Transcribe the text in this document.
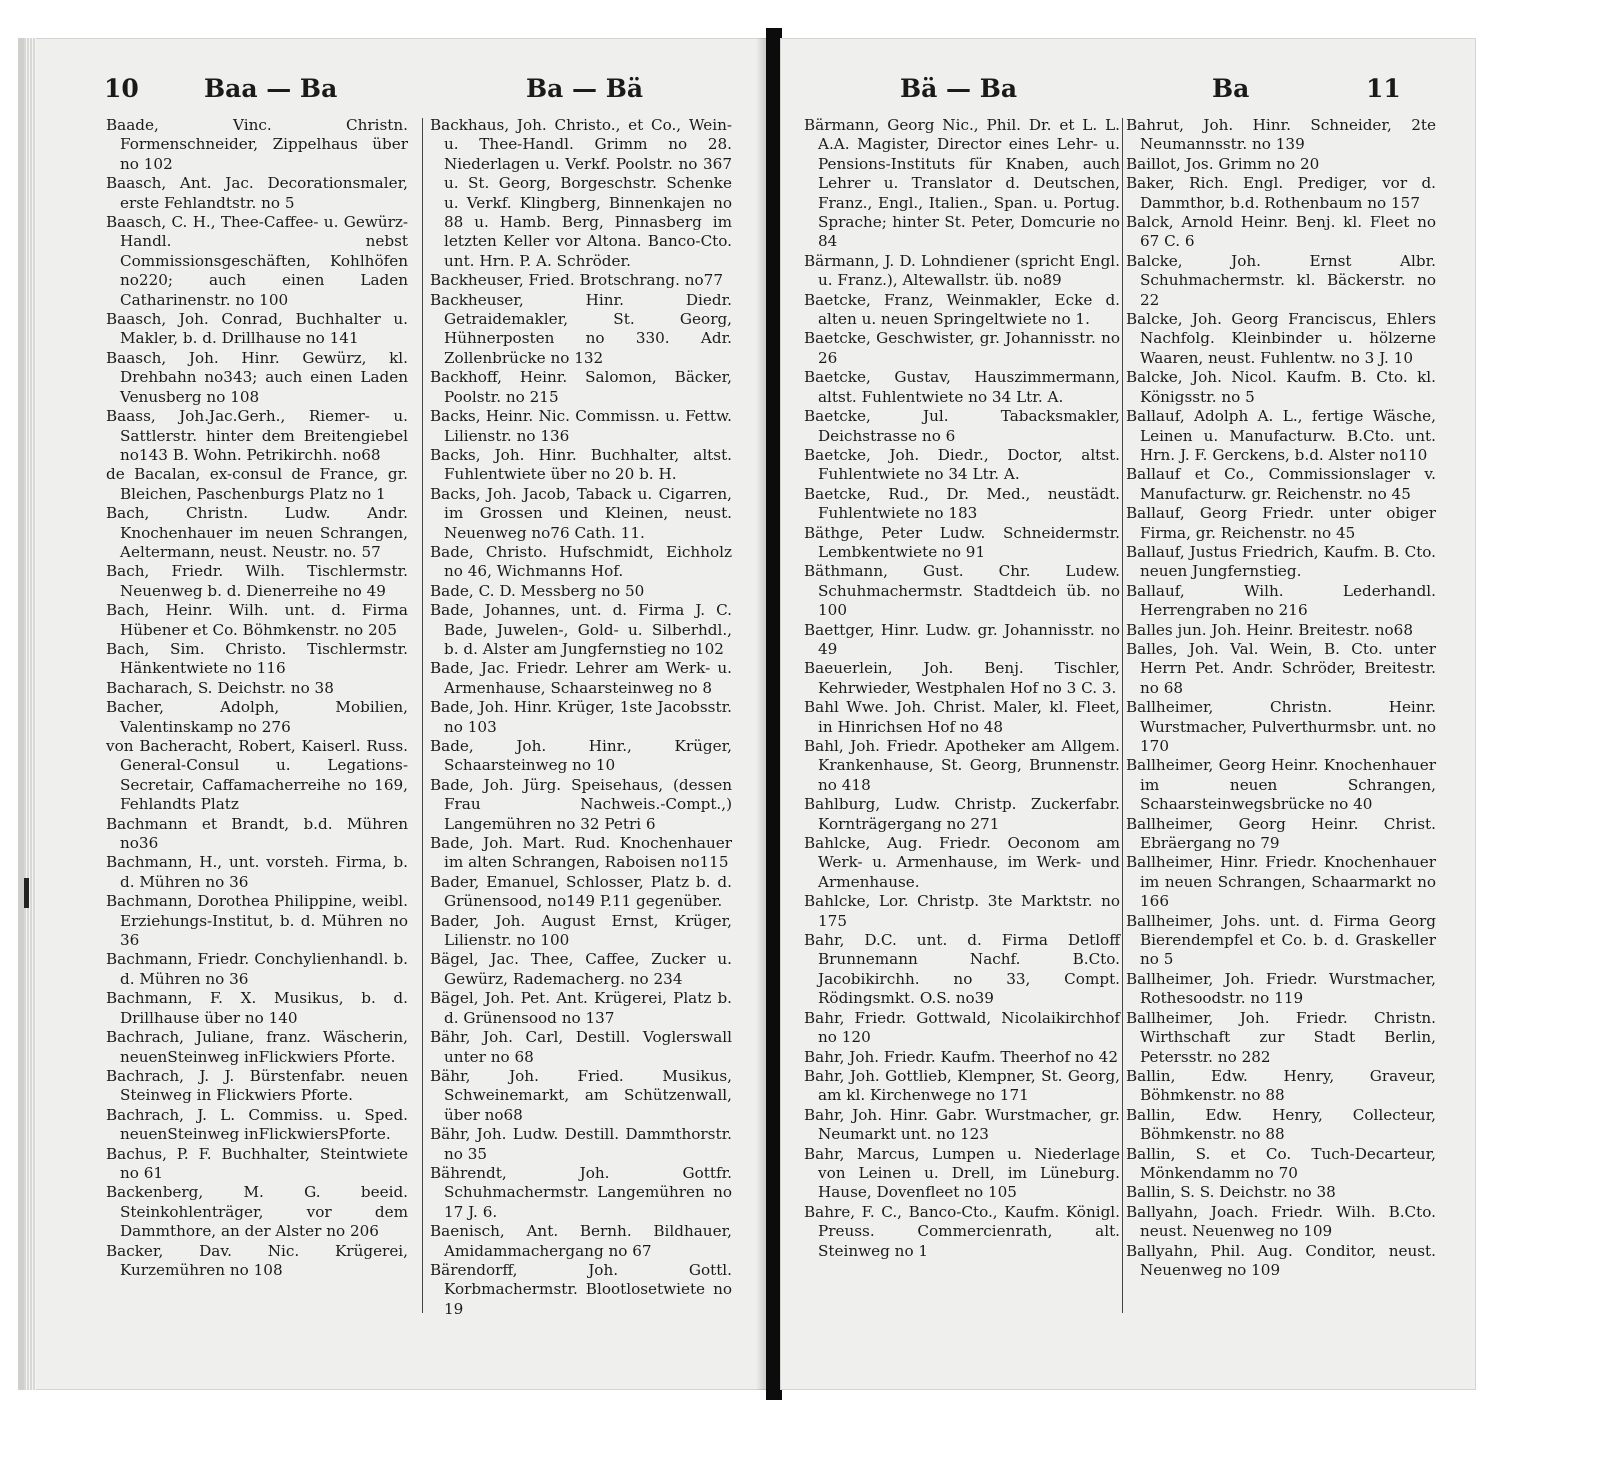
10	Baa — Ba	Ba — Bä

Baade, Vinc. Christn. Formenschneider, Zippelhaus über no 102

Baasch, Ant. Jac. Decorationsmaler, erste Fehlandtstr. no 5

Baasch, C. H., Thee-Caffee- u. Gewürz-Handl. nebst Commissionsgeschäften, Kohlhöfen no220; auch einen Laden Catharinenstr. no 100

Baasch, Joh. Conrad, Buchhalter u. Makler, b. d. Drillhause no 141

Baasch, Joh. Hinr. Gewürz, kl. Drehbahn no343; auch einen Laden Venusberg no 108

Baass, Joh.Jac.Gerh., Riemer- u. Sattlerstr. hinter dem Breitengiebel no143 B. Wohn. Petrikirchh. no68

de Bacalan, ex-consul de France, gr. Bleichen, Paschenburgs Platz no 1

Bach, Christn. Ludw. Andr. Knochenhauer im neuen Schrangen, Aeltermann, neust. Neustr. no. 57

Bach, Friedr. Wilh. Tischlermstr. Neuenweg b. d. Dienerreihe no 49

Bach, Heinr. Wilh. unt. d. Firma Hübener et Co. Böhmkenstr. no 205

Bach, Sim. Christo. Tischlermstr. Hänkentwiete no 116

Bacharach, S. Deichstr. no 38

Bacher, Adolph, Mobilien, Valentinskamp no 276

von Bacheracht, Robert, Kaiserl. Russ. General-Consul u. Legations-Secretair, Caffamacherreihe no 169, Fehlandts Platz

Bachmann et Brandt, b.d. Mühren no36

Bachmann, H., unt. vorsteh. Firma, b. d. Mühren no 36

Bachmann, Dorothea Philippine, weibl. Erziehungs-Institut, b. d. Mühren no 36

Bachmann, Friedr. Conchylienhandl. b. d. Mühren no 36

Bachmann, F. X. Musikus, b. d. Drillhause über no 140

Bachrach, Juliane, franz. Wäscherin, neuenSteinweg inFlickwiers Pforte.

Bachrach, J. J. Bürstenfabr. neuen Steinweg in Flickwiers Pforte.

Bachrach, J. L. Commiss. u. Sped. neuenSteinweg inFlickwiersPforte.

Bachus, P. F. Buchhalter, Steintwiete no 61

Backenberg, M. G. beeid. Steinkohlenträger, vor dem Dammthore, an der Alster no 206

Backer, Dav. Nic. Krügerei, Kurzemühren no 108

Backhaus, Joh. Christo., et Co., Wein- u. Thee-Handl. Grimm no 28. Niederlagen u. Verkf. Poolstr. no 367 u. St. Georg, Borgeschstr. Schenke u. Verkf. Klingberg, Binnenkajen no 88 u. Hamb. Berg, Pinnasberg im letzten Keller vor Altona. Banco-Cto. unt. Hrn. P. A. Schröder.

Backheuser, Fried. Brotschrang. no77

Backheuser, Hinr. Diedr. Getraidemakler, St. Georg, Hühnerposten no 330. Adr. Zollenbrücke no 132

Backhoff, Heinr. Salomon, Bäcker, Poolstr. no 215

Backs, Heinr. Nic. Commissn. u. Fettw. Lilienstr. no 136

Backs, Joh. Hinr. Buchhalter, altst. Fuhlentwiete über no 20 b. H.

Backs, Joh. Jacob, Taback u. Cigarren, im Grossen und Kleinen, neust. Neuenweg no76 Cath. 11.

Bade, Christo. Hufschmidt, Eichholz no 46, Wichmanns Hof.

Bade, C. D. Messberg no 50

Bade, Johannes, unt. d. Firma J. C. Bade, Juwelen-, Gold- u. Silberhdl., b. d. Alster am Jungfernstieg no 102

Bade, Jac. Friedr. Lehrer am Werk- u. Armenhause, Schaarsteinweg no 8

Bade, Joh. Hinr. Krüger, 1ste Jacobsstr. no 103

Bade, Joh. Hinr., Krüger, Schaarsteinweg no 10

Bade, Joh. Jürg. Speisehaus, (dessen Frau Nachweis.-Compt.,) Langemühren no 32 Petri 6

Bade, Joh. Mart. Rud. Knochenhauer im alten Schrangen, Raboisen no115

Bader, Emanuel, Schlosser, Platz b. d. Grünensood, no149 P.11 gegenüber.

Bader, Joh. August Ernst, Krüger, Lilienstr. no 100

Bägel, Jac. Thee, Caffee, Zucker u. Gewürz, Rademacherg. no 234

Bägel, Joh. Pet. Ant. Krügerei, Platz b. d. Grünensood no 137

Bähr, Joh. Carl, Destill. Voglerswall unter no 68

Bähr, Joh. Fried. Musikus, Schweinemarkt, am Schützenwall, über no68

Bähr, Joh. Ludw. Destill. Dammthorstr. no 35

Bährendt, Joh. Gottfr. Schuhmachermstr. Langemühren no 17 J. 6.

Baenisch, Ant. Bernh. Bildhauer, Amidammachergang no 67

Bärendorff, Joh. Gottl. Korbmachermstr. Blootlosetwiete no 19

Bä — Ba	Ba	11

Bärmann, Georg Nic., Phil. Dr. et L. L. A.A. Magister, Director eines Lehr- u. Pensions-Instituts für Knaben, auch Lehrer u. Translator d. Deutschen, Franz., Engl., Italien., Span. u. Portug. Sprache; hinter St. Peter, Domcurie no 84

Bärmann, J. D. Lohndiener (spricht Engl. u. Franz.), Altewallstr. üb. no89

Baetcke, Franz, Weinmakler, Ecke d. alten u. neuen Springeltwiete no 1.

Baetcke, Geschwister, gr. Johannisstr. no 26

Baetcke, Gustav, Hauszimmermann, altst. Fuhlentwiete no 34 Ltr. A.

Baetcke, Jul. Tabacksmakler, Deichstrasse no 6

Baetcke, Joh. Diedr., Doctor, altst. Fuhlentwiete no 34 Ltr. A.

Baetcke, Rud., Dr. Med., neustädt. Fuhlentwiete no 183

Bäthge, Peter Ludw. Schneidermstr. Lembkentwiete no 91

Bäthmann, Gust. Chr. Ludew. Schuhmachermstr. Stadtdeich üb. no 100

Baettger, Hinr. Ludw. gr. Johannisstr. no 49

Baeuerlein, Joh. Benj. Tischler, Kehrwieder, Westphalen Hof no 3 C. 3.

Bahl Wwe. Joh. Christ. Maler, kl. Fleet, in Hinrichsen Hof no 48

Bahl, Joh. Friedr. Apotheker am Allgem. Krankenhause, St. Georg, Brunnenstr. no 418

Bahlburg, Ludw. Christp. Zuckerfabr. Kornträgergang no 271

Bahlcke, Aug. Friedr. Oeconom am Werk- u. Armenhause, im Werk- und Armenhause.

Bahlcke, Lor. Christp. 3te Marktstr. no 175

Bahr, D.C. unt. d. Firma Detloff Brunnemann Nachf. B.Cto. Jacobikirchh. no 33, Compt. Rödingsmkt. O.S. no39

Bahr, Friedr. Gottwald, Nicolaikirchhof no 120

Bahr, Joh. Friedr. Kaufm. Theerhof no 42

Bahr, Joh. Gottlieb, Klempner, St. Georg, am kl. Kirchenwege no 171

Bahr, Joh. Hinr. Gabr. Wurstmacher, gr. Neumarkt unt. no 123

Bahr, Marcus, Lumpen u. Niederlage von Leinen u. Drell, im Lüneburg. Hause, Dovenfleet no 105

Bahre, F. C., Banco-Cto., Kaufm. Königl. Preuss. Commercienrath, alt. Steinweg no 1

Bahrut, Joh. Hinr. Schneider, 2te Neumannsstr. no 139

Baillot, Jos. Grimm no 20

Baker, Rich. Engl. Prediger, vor d. Dammthor, b.d. Rothenbaum no 157

Balck, Arnold Heinr. Benj. kl. Fleet no 67 C. 6

Balcke, Joh. Ernst Albr. Schuhmachermstr. kl. Bäckerstr. no 22

Balcke, Joh. Georg Franciscus, Ehlers Nachfolg. Kleinbinder u. hölzerne Waaren, neust. Fuhlentw. no 3 J. 10

Balcke, Joh. Nicol. Kaufm. B. Cto. kl. Königsstr. no 5

Ballauf, Adolph A. L., fertige Wäsche, Leinen u. Manufacturw. B.Cto. unt. Hrn. J. F. Gerckens, b.d. Alster no110

Ballauf et Co., Commissionslager v. Manufacturw. gr. Reichenstr. no 45

Ballauf, Georg Friedr. unter obiger Firma, gr. Reichenstr. no 45

Ballauf, Justus Friedrich, Kaufm. B. Cto. neuen Jungfernstieg.

Ballauf, Wilh. Lederhandl. Herrengraben no 216

Balles jun. Joh. Heinr. Breitestr. no68

Balles, Joh. Val. Wein, B. Cto. unter Herrn Pet. Andr. Schröder, Breitestr. no 68

Ballheimer, Christn. Heinr. Wurstmacher, Pulverthurmsbr. unt. no 170

Ballheimer, Georg Heinr. Knochenhauer im neuen Schrangen, Schaarsteinwegsbrücke no 40

Ballheimer, Georg Heinr. Christ. Ebräergang no 79

Ballheimer, Hinr. Friedr. Knochenhauer im neuen Schrangen, Schaarmarkt no 166

Ballheimer, Johs. unt. d. Firma Georg Bierendempfel et Co. b. d. Graskeller no 5

Ballheimer, Joh. Friedr. Wurstmacher, Rothesoodstr. no 119

Ballheimer, Joh. Friedr. Christn. Wirthschaft zur Stadt Berlin, Petersstr. no 282

Ballin, Edw. Henry, Graveur, Böhmkenstr. no 88

Ballin, Edw. Henry, Collecteur, Böhmkenstr. no 88

Ballin, S. et Co. Tuch-Decarteur, Mönkendamm no 70

Ballin, S. S. Deichstr. no 38

Ballyahn, Joach. Friedr. Wilh. B.Cto. neust. Neuenweg no 109

Ballyahn, Phil. Aug. Conditor, neust. Neuenweg no 109
